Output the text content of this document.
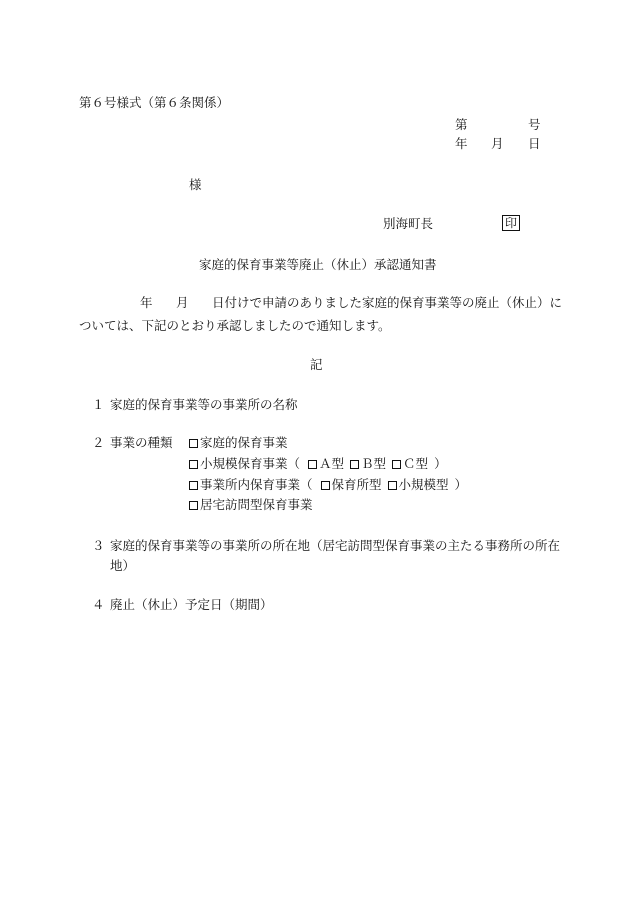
第６号様式（第６条関係）
第	号
年 月 日
様
別海町長	印
家庭的保育事業等廃止（休止）承認通知書
年 月 日付けで申請のありました家庭的保育事業等の廃止（休止）に
ついては、下記のとおり承認しましたので通知します。
記
１ 家庭的保育事業等の事業所の名称
２ 事業の種類	家庭的保育事業
小規模保育事業（ Ａ型 Ｂ型 Ｃ型 ）
事業所内保育事業（ 保育所型 小規模型 ）
居宅訪問型保育事業
３ 家庭的保育事業等の事業所の所在地（居宅訪問型保育事業の主たる事務所の所在
地）
４ 廃止（休止）予定日（期間）
